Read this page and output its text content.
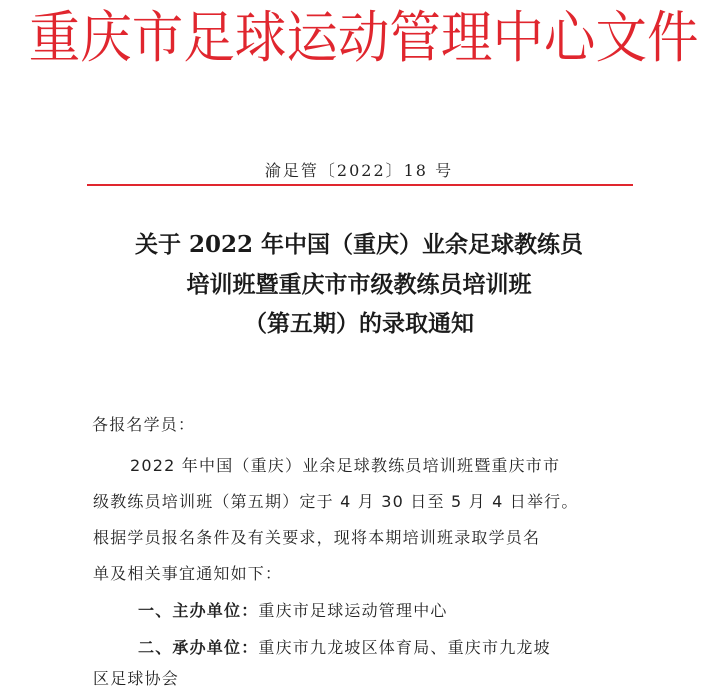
重庆市足球运动管理中心文件
渝足管〔2022〕18 号
关于 2022 年中国（重庆）业余足球教练员
培训班暨重庆市市级教练员培训班
（第五期）的录取通知
各报名学员：
2022 年中国（重庆）业余足球教练员培训班暨重庆市市
级教练员培训班（第五期）定于 4 月 30 日至 5 月 4 日举行。
根据学员报名条件及有关要求，现将本期培训班录取学员名
单及相关事宜通知如下：
一、主办单位：重庆市足球运动管理中心
二、承办单位：重庆市九龙坡区体育局、重庆市九龙坡
区足球协会
